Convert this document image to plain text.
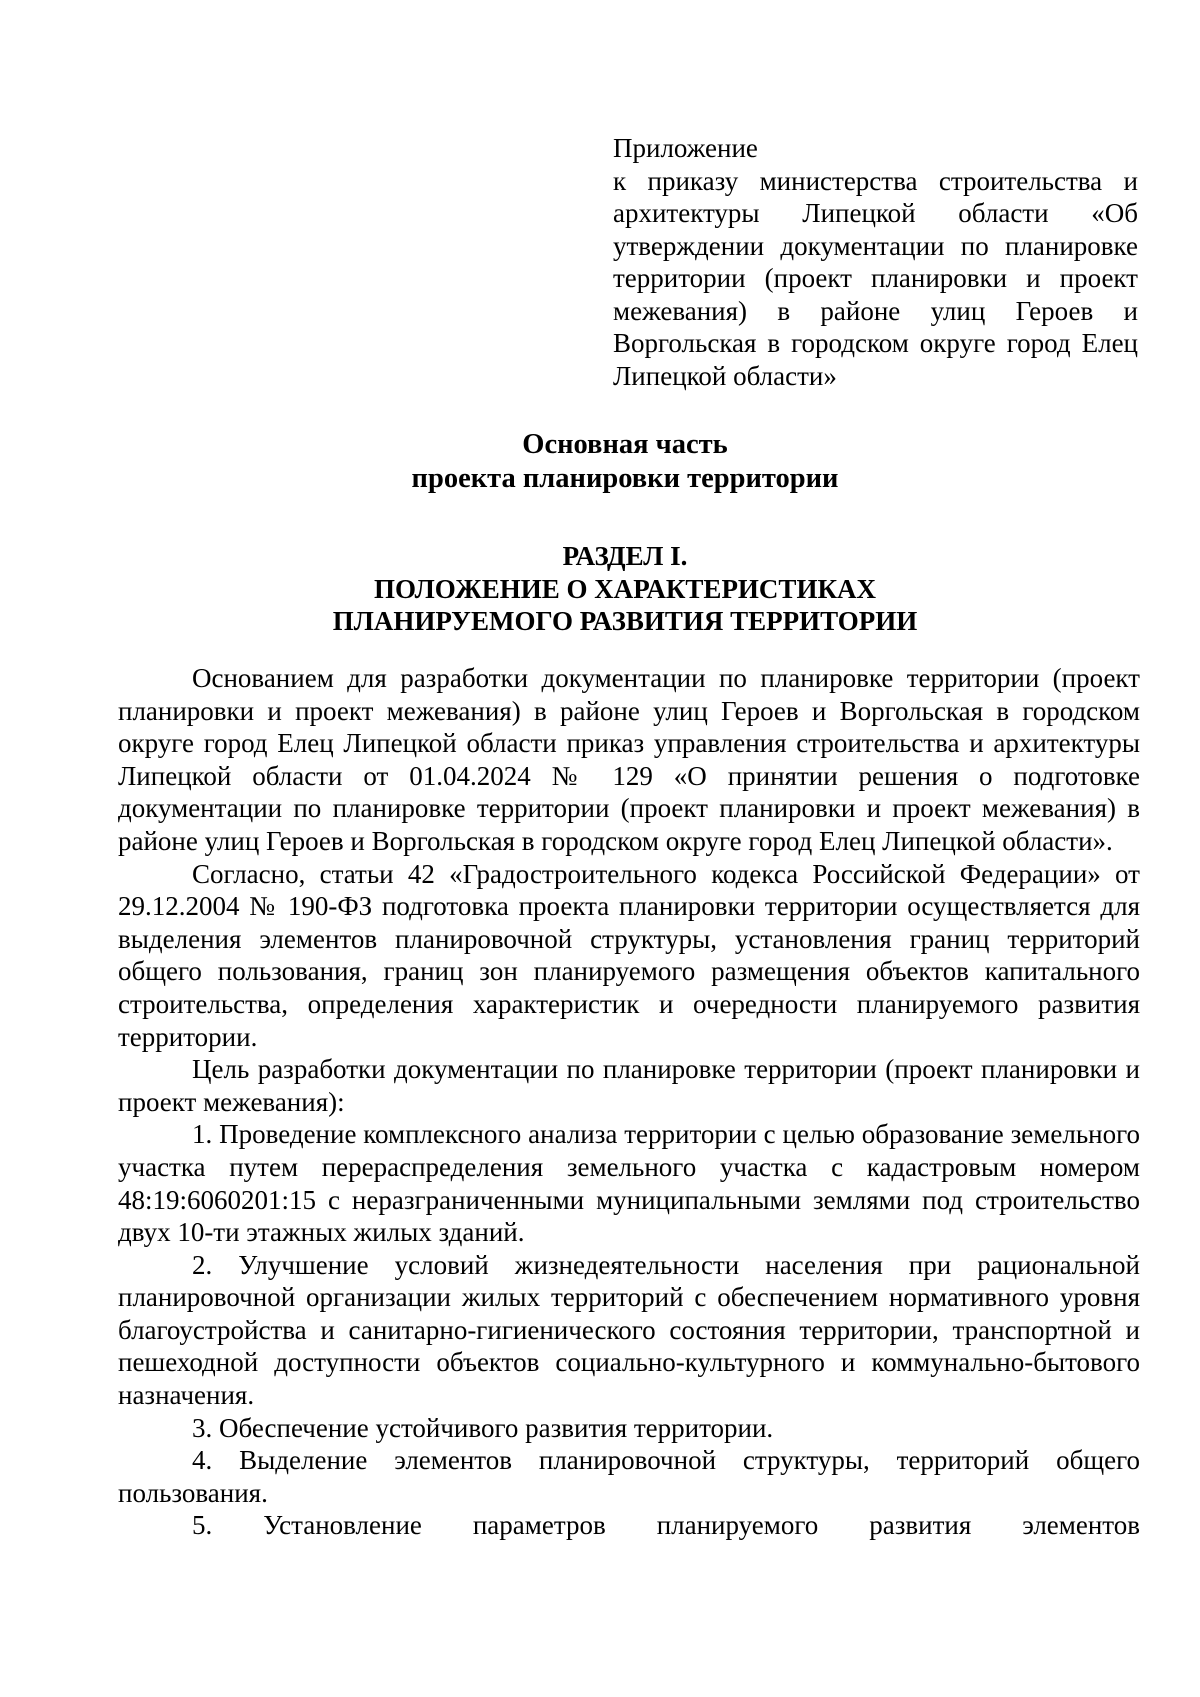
Приложение
к приказу министерства строительства и архитектуры Липецкой области «Об утверждении документации по планировке территории (проект планировки и проект межевания) в районе улиц Героев и Воргольская в городском округе город Елец Липецкой области»
Основная часть
проекта планировки территории
РАЗДЕЛ I.
ПОЛОЖЕНИЕ О ХАРАКТЕРИСТИКАХ
ПЛАНИРУЕМОГО РАЗВИТИЯ ТЕРРИТОРИИ

Основанием для разработки документации по планировке территории (проект планировки и проект межевания) в районе улиц Героев и Воргольская в городском округе город Елец Липецкой области приказ управления строительства и архитектуры Липецкой области от 01.04.2024 № 129 «О принятии решения о подготовке документации по планировке территории (проект планировки и проект межевания) в районе улиц Героев и Воргольская в городском округе город Елец Липецкой области».

Согласно, статьи 42 «Градостроительного кодекса Российской Федерации» от 29.12.2004 № 190-ФЗ подготовка проекта планировки территории осуществляется для выделения элементов планировочной структуры, установления границ территорий общего пользования, границ зон планируемого размещения объектов капитального строительства, определения характеристик и очередности планируемого развития территории.

Цель разработки документации по планировке территории (проект планировки и проект межевания):

1. Проведение комплексного анализа территории с целью образование земельного участка путем перераспределения земельного участка с кадастровым номером 48:19:6060201:15 с неразграниченными муниципальными землями под строительство двух 10-ти этажных жилых зданий.

2. Улучшение условий жизнедеятельности населения при рациональной планировочной организации жилых территорий с обеспечением нормативного уровня благоустройства и санитарно-гигиенического состояния территории, транспортной и пешеходной доступности объектов социально-культурного и коммунально-бытового назначения.

3. Обеспечение устойчивого развития территории.

4. Выделение элементов планировочной структуры, территорий общего пользования.

5. Установление параметров планируемого развития элементов
